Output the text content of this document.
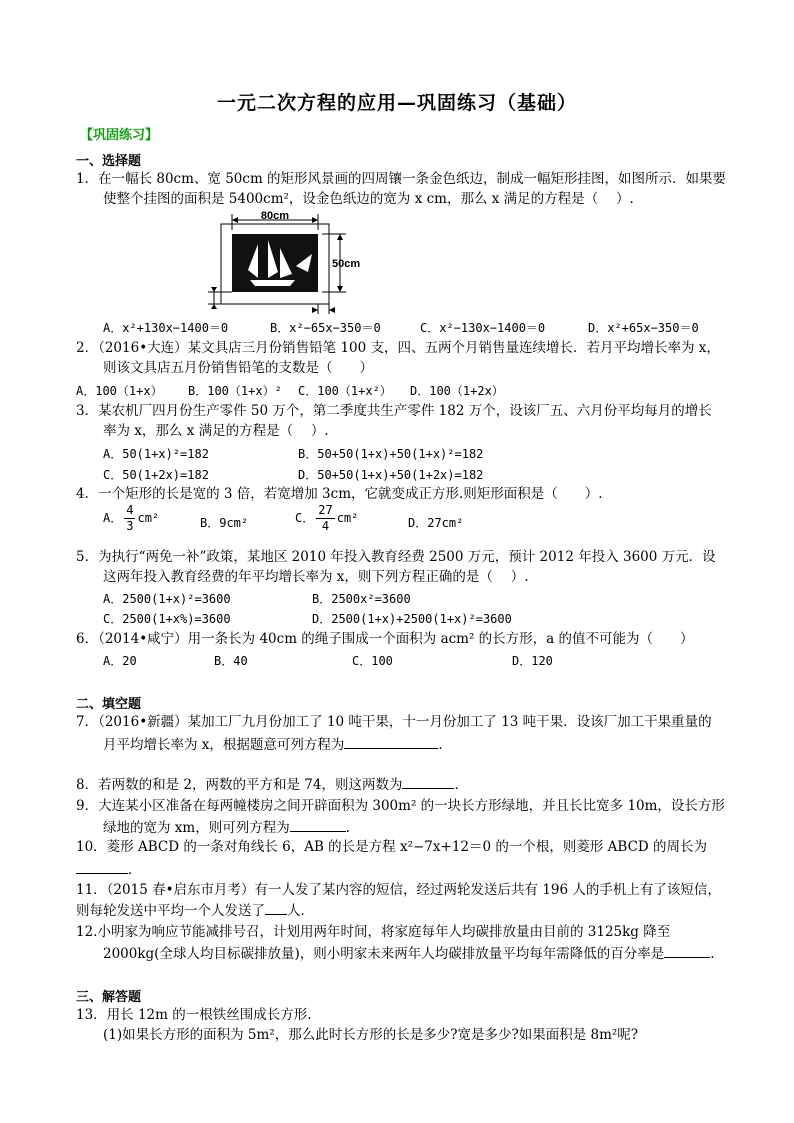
一元二次方程的应用—巩固练习（基础）
【巩固练习】
一、选择题
1．在一幅长 80cm、宽 50cm 的矩形风景画的四周镶一条金色纸边，制成一幅矩形挂图，如图所示．如果要
使整个挂图的面积是 5400cm²，设金色纸边的宽为 x cm，那么 x 满足的方程是（　 ）.
80cm
50cm
A．x²+130x−1400＝0	B．x²−65x−350＝0	C．x²−130x−1400＝0	D．x²+65x−350＝0
2．（2016•大连）某文具店三月份销售铅笔 100 支，四、五两个月销售量连续增长．若月平均增长率为 x，
则该文具店五月份销售铅笔的支数是（　　）
A．100（1+x） B．100（1+x）² C．100（1+x²） D．100（1+2x）
3．某农机厂四月份生产零件 50 万个，第二季度共生产零件 182 万个，设该厂五、六月份平均每月的增长
率为 x，那么 x 满足的方程是（　 ）.
A．50(1+x)²=182	B．50+50(1+x)+50(1+x)²=182
C．50(1+2x)=182	D．50+50(1+x)+50(1+2x)=182
4．一个矩形的长是宽的 3 倍，若宽增加 3cm，它就变成正方形.则矩形面积是（　　）.
A． $\frac{4}{3} cm^2$	B．9cm²	C． $\frac{27}{4} cm^2$	D．27cm²
5．为执行“两免一补”政策，某地区 2010 年投入教育经费 2500 万元，预计 2012 年投入 3600 万元．设
这两年投入教育经费的年平均增长率为 x，则下列方程正确的是（　 ）.
A．2500(1+x)²=3600	B．2500x²=3600
C．2500(1+x%)=3600	D．2500(1+x)+2500(1+x)²=3600
6．（2014•咸宁）用一条长为 40cm 的绳子围成一个面积为 acm² 的长方形，a 的值不可能为（　　）
A．20	B．40	C．100	D．120
二、填空题
7．（2016•新疆）某加工厂九月份加工了 10 吨干果，十一月份加工了 13 吨干果．设该厂加工干果重量的
月平均增长率为 x，根据题意可列方程为	．
8．若两数的和是 2，两数的平方和是 74，则这两数为	．
9．大连某小区准备在每两幢楼房之间开辟面积为 300m² 的一块长方形绿地，并且长比宽多 10m，设长方形
绿地的宽为 xm，则可列方程为	．
10．菱形 ABCD 的一条对角线长 6，AB 的长是方程 x²−7x+12＝0 的一个根，则菱形 ABCD 的周长为
．
11．（2015 春•启东市月考）有一人发了某内容的短信，经过两轮发送后共有 196 人的手机上有了该短信，
则每轮发送中平均一个人发送了 人．
12.小明家为响应节能减排号召，计划用两年时间，将家庭每年人均碳排放量由目前的 3125kg 降至
2000kg(全球人均目标碳排放量)，则小明家未来两年人均碳排放量平均每年需降低的百分率是	.
三、解答题
13．用长 12m 的一根铁丝围成长方形.
(1)如果长方形的面积为 5m²，那么此时长方形的长是多少?宽是多少?如果面积是 8m²呢?
